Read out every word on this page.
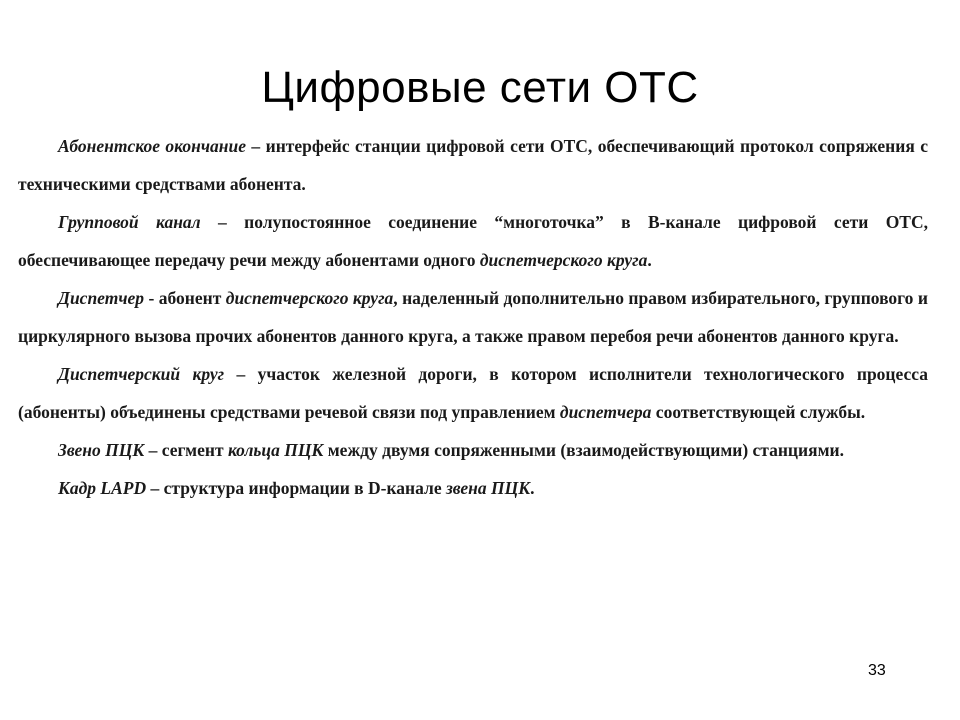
Цифровые сети ОТС

Абонентское окончание – интерфейс станции цифровой сети ОТС, обеспечивающий протокол сопряжения с техническими средствами абонента.

Групповой канал – полупостоянное соединение “многоточка” в В-канале цифровой сети ОТС, обеспечивающее передачу речи между абонентами одного диспетчерского круга.

Диспетчер - абонент диспетчерского круга, наделенный дополнительно правом избирательного, группового и циркулярного вызова прочих абонентов данного круга, а также правом перебоя речи абонентов данного круга.

Диспетчерский круг – участок железной дороги, в котором исполнители технологического процесса (абоненты) объединены средствами речевой связи под управлением диспетчера соответствующей службы.

Звено ПЦК – сегмент кольца ПЦК между двумя сопряженными (взаимодействующими) станциями.

Кадр LAPD – структура информации в D-канале звена ПЦК.

33
